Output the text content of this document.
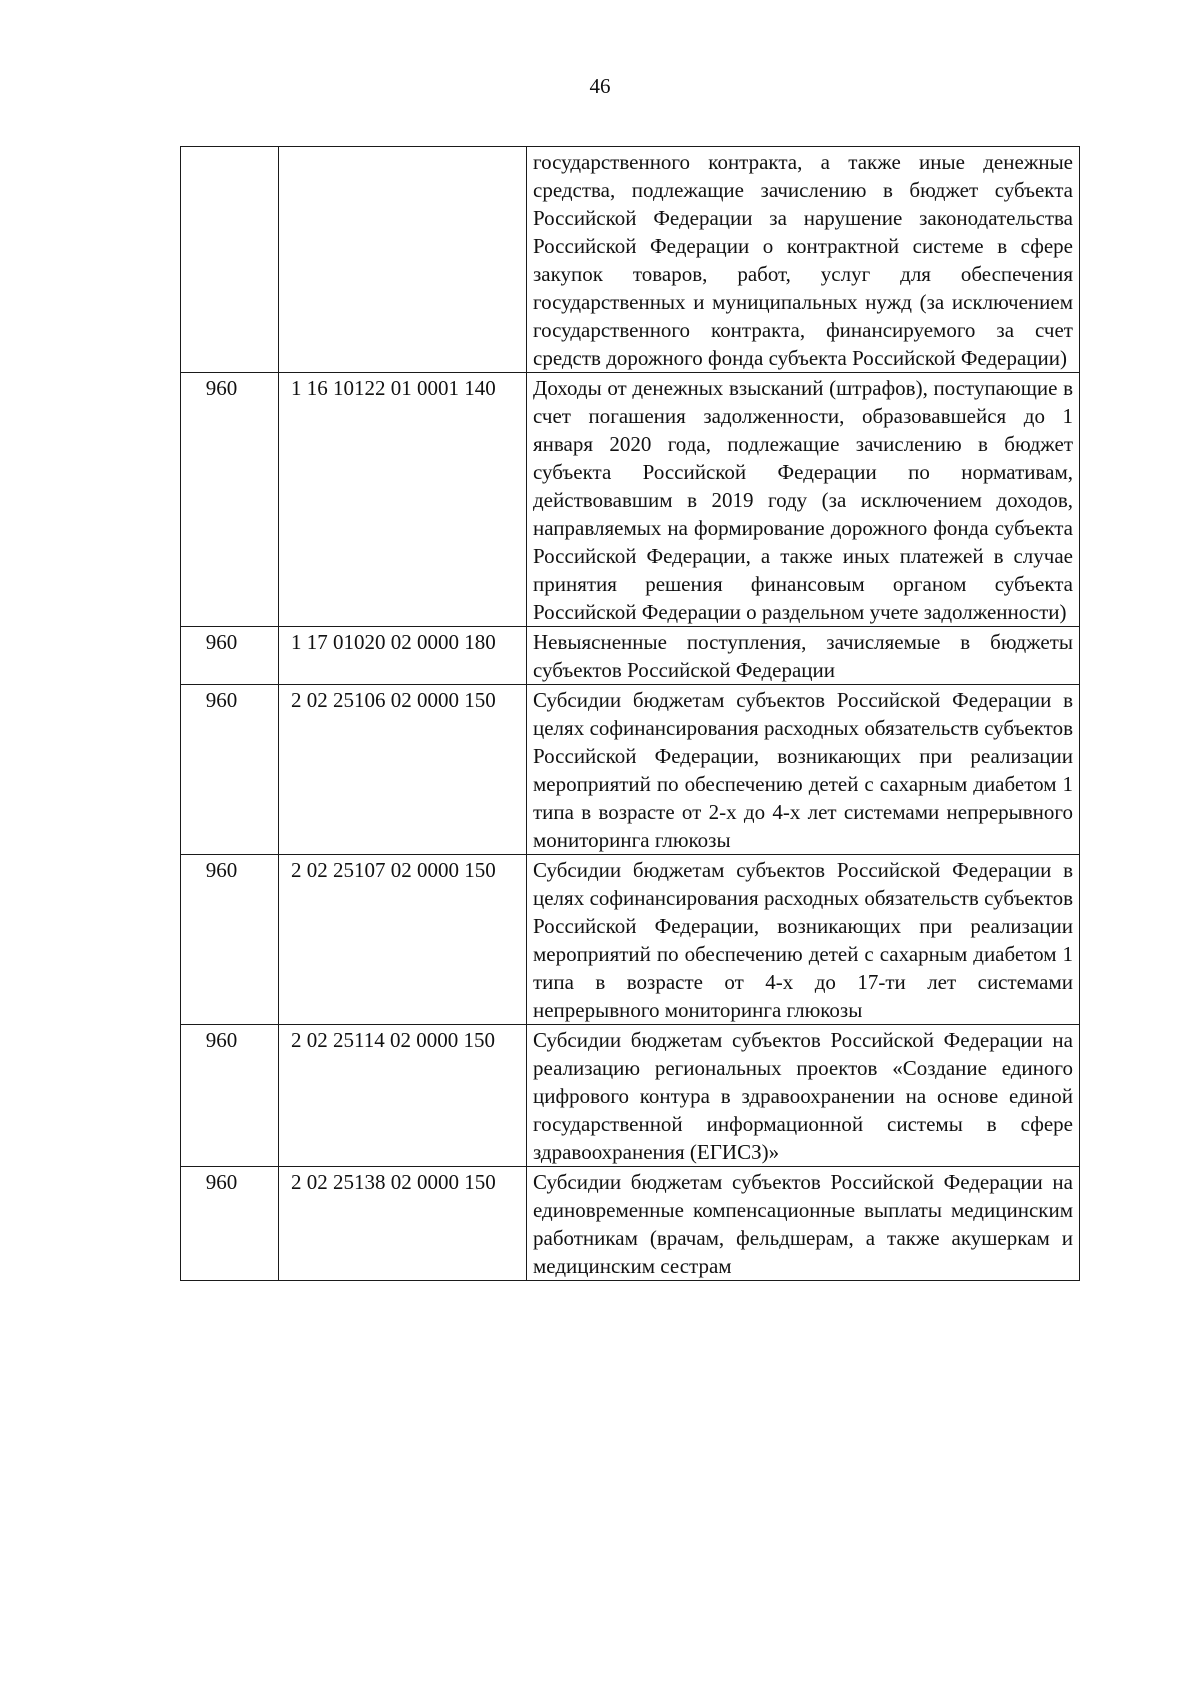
46
		государственного контракта, а также иные денежные средства, подлежащие зачислению в бюджет субъекта Российской Федерации за нарушение законодательства Российской Федерации о контрактной системе в сфере закупок товаров, работ, услуг для обеспечения государственных и муниципальных нужд (за исключением государственного контракта, финансируемого за счет средств дорожного фонда субъекта Российской Федерации)
960	1 16 10122 01 0001 140	Доходы от денежных взысканий (штрафов), поступающие в счет погашения задолженности, образовавшейся до 1 января 2020 года, подлежащие зачислению в бюджет субъекта Российской Федерации по нормативам, действовавшим в 2019 году (за исключением доходов, направляемых на формирование дорожного фонда субъекта Российской Федерации, а также иных платежей в случае принятия решения финансовым органом субъекта Российской Федерации о раздельном учете задолженности)
960	1 17 01020 02 0000 180	Невыясненные поступления, зачисляемые в бюджеты субъектов Российской Федерации
960	2 02 25106 02 0000 150	Субсидии бюджетам субъектов Российской Федерации в целях софинансирования расходных обязательств субъектов Российской Федерации, возникающих при реализации мероприятий по обеспечению детей с сахарным диабетом 1 типа в возрасте от 2-х до 4-х лет системами непрерывного мониторинга глюкозы
960	2 02 25107 02 0000 150	Субсидии бюджетам субъектов Российской Федерации в целях софинансирования расходных обязательств субъектов Российской Федерации, возникающих при реализации мероприятий по обеспечению детей с сахарным диабетом 1 типа в возрасте от 4-х до 17-ти лет системами непрерывного мониторинга глюкозы
960	2 02 25114 02 0000 150	Субсидии бюджетам субъектов Российской Федерации на реализацию региональных проектов «Создание единого цифрового контура в здравоохранении на основе единой государственной информационной системы в сфере здравоохранения (ЕГИСЗ)»
960	2 02 25138 02 0000 150	Субсидии бюджетам субъектов Российской Федерации на единовременные компенсационные выплаты медицинским работникам (врачам, фельдшерам, а также акушеркам и медицинским сестрам
